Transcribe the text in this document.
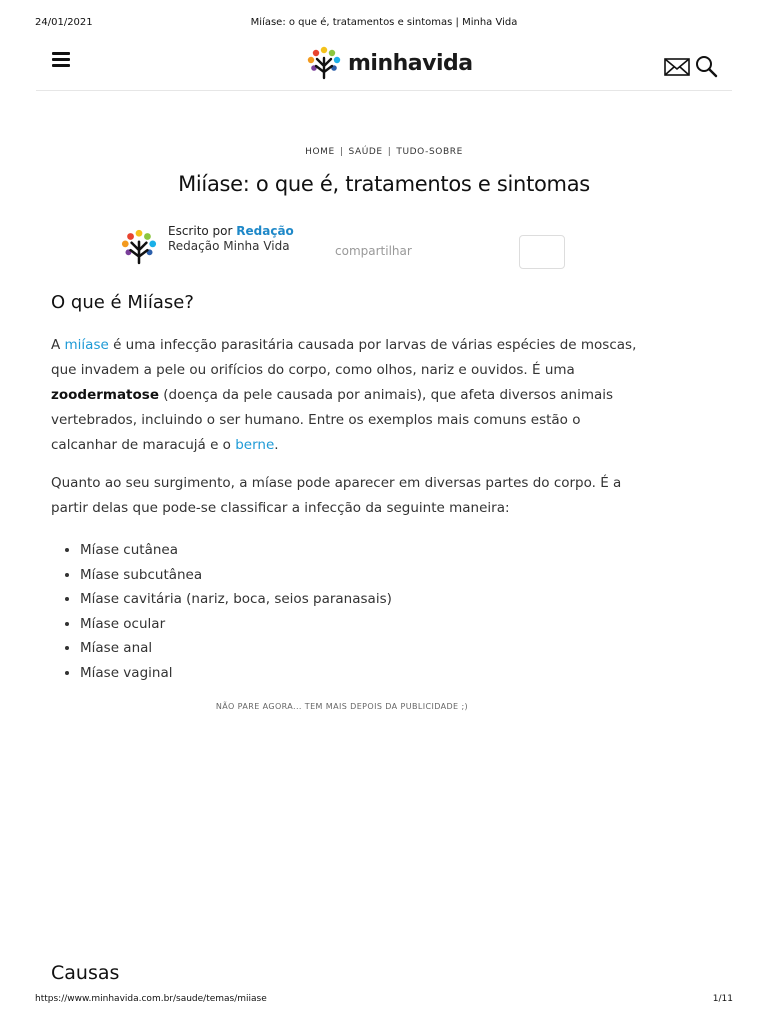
24/01/2021	Miíase: o que é, tratamentos e sintomas | Minha Vida
minhavida
HOME | SAÚDE | TUDO-SOBRE
Miíase: o que é, tratamentos e sintomas
Escrito por Redação
Redação Minha Vida	compartilhar
O que é Miíase?

A miíase é uma infecção parasitária causada por larvas de várias espécies de moscas, que invadem a pele ou orifícios do corpo, como olhos, nariz e ouvidos. É uma zoodermatose (doença da pele causada por animais), que afeta diversos animais vertebrados, incluindo o ser humano. Entre os exemplos mais comuns estão o calcanhar de maracujá e o berne.

Quanto ao seu surgimento, a míase pode aparecer em diversas partes do corpo. É a partir delas que pode-se classificar a infecção da seguinte maneira:

• Míase cutânea
• Míase subcutânea
• Míase cavitária (nariz, boca, seios paranasais)
• Míase ocular
• Míase anal
• Míase vaginal
NÃO PARE AGORA... TEM MAIS DEPOIS DA PUBLICIDADE ;)
Causas
https://www.minhavida.com.br/saude/temas/miiase	1/11
